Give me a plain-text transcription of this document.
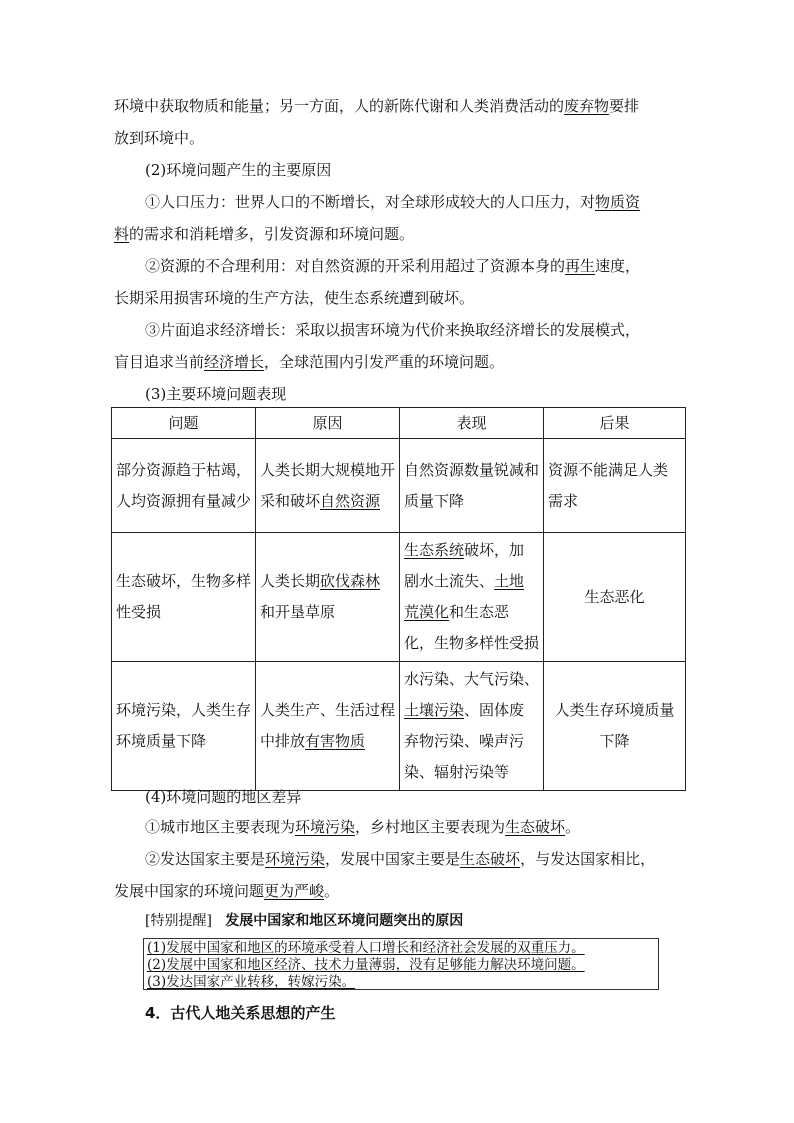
环境中获取物质和能量；另一方面，人的新陈代谢和人类消费活动的废弃物要排
放到环境中。
(2)环境问题产生的主要原因
①人口压力：世界人口的不断增长，对全球形成较大的人口压力，对物质资
料的需求和消耗增多，引发资源和环境问题。
②资源的不合理利用：对自然资源的开采利用超过了资源本身的再生速度，
长期采用损害环境的生产方法，使生态系统遭到破坏。
③片面追求经济增长：采取以损害环境为代价来换取经济增长的发展模式，
盲目追求当前经济增长，全球范围内引发严重的环境问题。
(3)主要环境问题表现
问题	原因	表现	后果
部分资源趋于枯竭，人均资源拥有量减少	人类长期大规模地开采和破坏自然资源	自然资源数量锐减和质量下降	资源不能满足人类需求
生态破坏，生物多样性受损	人类长期砍伐森林和开垦草原	生态系统破坏，加剧水土流失、土地荒漠化和生态恶化，生物多样性受损	生态恶化
环境污染，人类生存环境质量下降	人类生产、生活过程中排放有害物质	水污染、大气污染、土壤污染、固体废弃物污染、噪声污染、辐射污染等	人类生存环境质量下降
(4)环境问题的地区差异
①城市地区主要表现为环境污染，乡村地区主要表现为生态破坏。
②发达国家主要是环境污染，发展中国家主要是生态破坏，与发达国家相比，
发展中国家的环境问题更为严峻。
[特别提醒] 发展中国家和地区环境问题突出的原因
(1)发展中国家和地区的环境承受着人口增长和经济社会发展的双重压力。
(2)发展中国家和地区经济、技术力量薄弱，没有足够能力解决环境问题。
(3)发达国家产业转移，转嫁污染。
4．古代人地关系思想的产生
